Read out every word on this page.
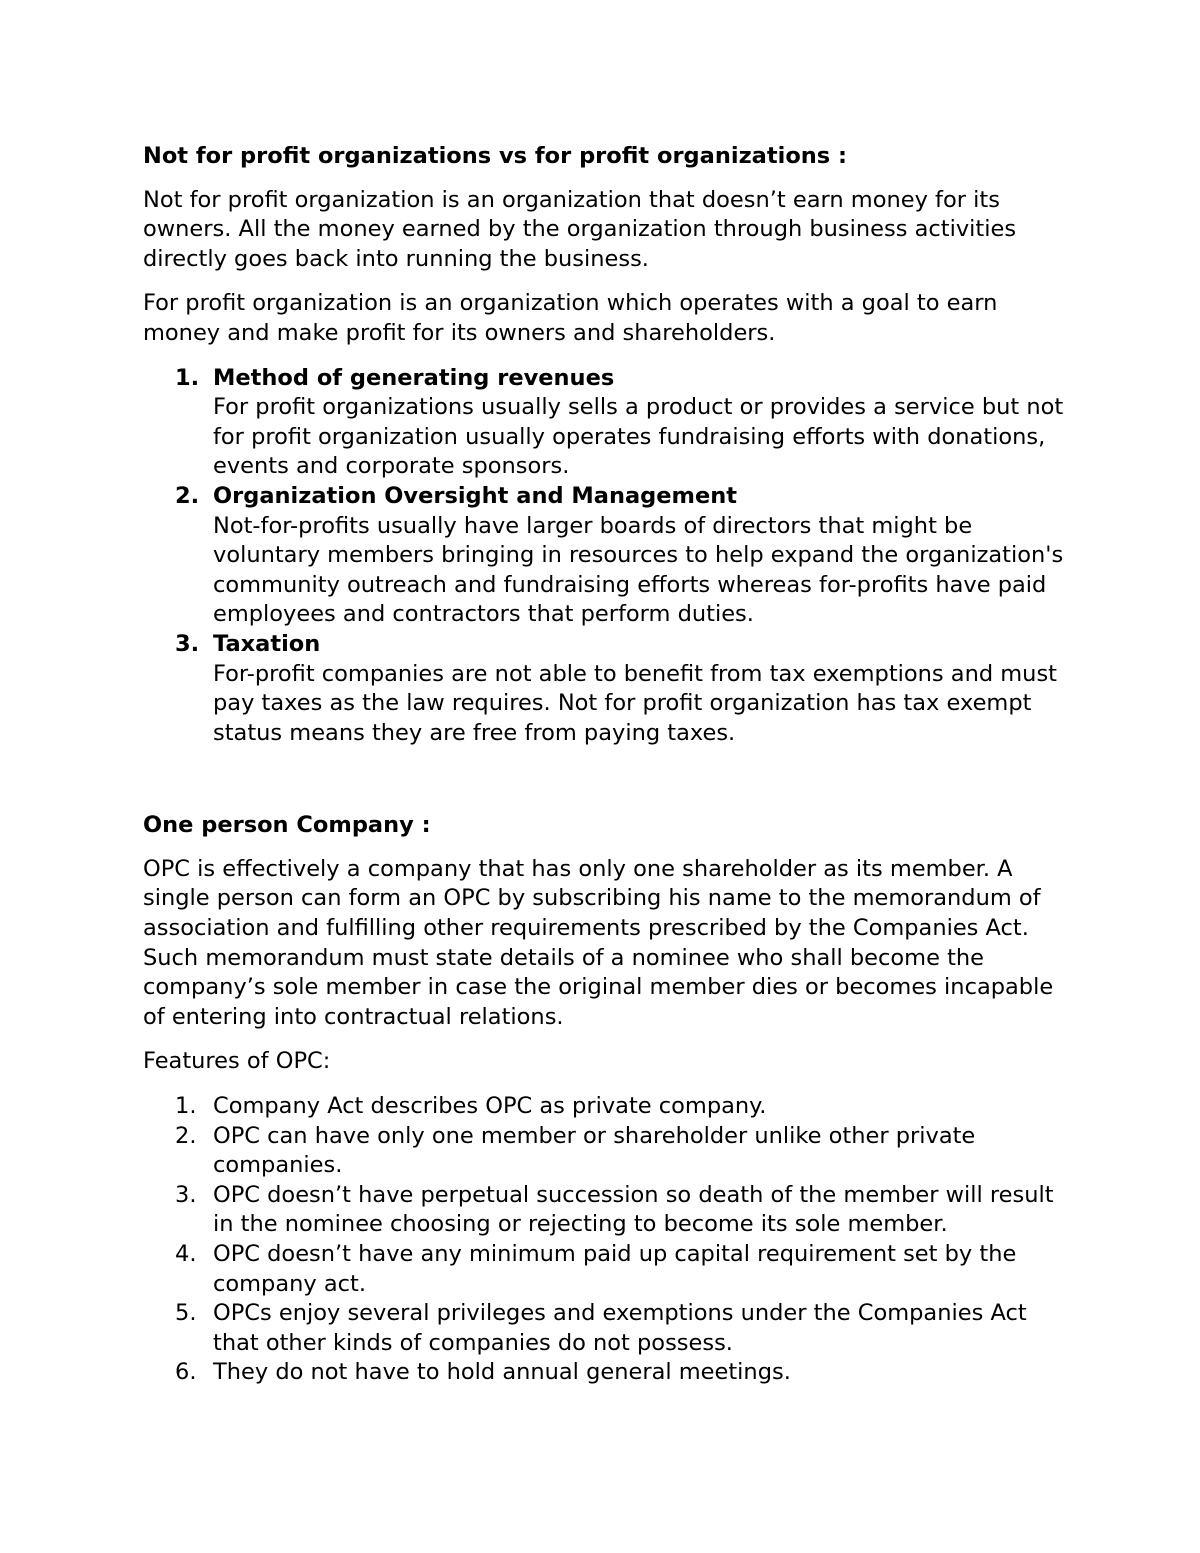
Not for profit organizations vs for profit organizations :

Not for profit organization is an organization that doesn’t earn money for its owners. All the money earned by the organization through business activities directly goes back into running the business.

For profit organization is an organization which operates with a goal to earn money and make profit for its owners and shareholders.

1. Method of generating revenues
For profit organizations usually sells a product or provides a service but not for profit organization usually operates fundraising efforts with donations, events and corporate sponsors.
2. Organization Oversight and Management
Not-for-profits usually have larger boards of directors that might be voluntary members bringing in resources to help expand the organization's community outreach and fundraising efforts whereas for-profits have paid employees and contractors that perform duties.
3. Taxation
For-profit companies are not able to benefit from tax exemptions and must pay taxes as the law requires. Not for profit organization has tax exempt status means they are free from paying taxes.

One person Company :

OPC is effectively a company that has only one shareholder as its member. A single person can form an OPC by subscribing his name to the memorandum of association and fulfilling other requirements prescribed by the Companies Act. Such memorandum must state details of a nominee who shall become the company’s sole member in case the original member dies or becomes incapable of entering into contractual relations.

Features of OPC:

1. Company Act describes OPC as private company.
2. OPC can have only one member or shareholder unlike other private companies.
3. OPC doesn’t have perpetual succession so death of the member will result in the nominee choosing or rejecting to become its sole member.
4. OPC doesn’t have any minimum paid up capital requirement set by the company act.
5. OPCs enjoy several privileges and exemptions under the Companies Act that other kinds of companies do not possess.
6. They do not have to hold annual general meetings.
